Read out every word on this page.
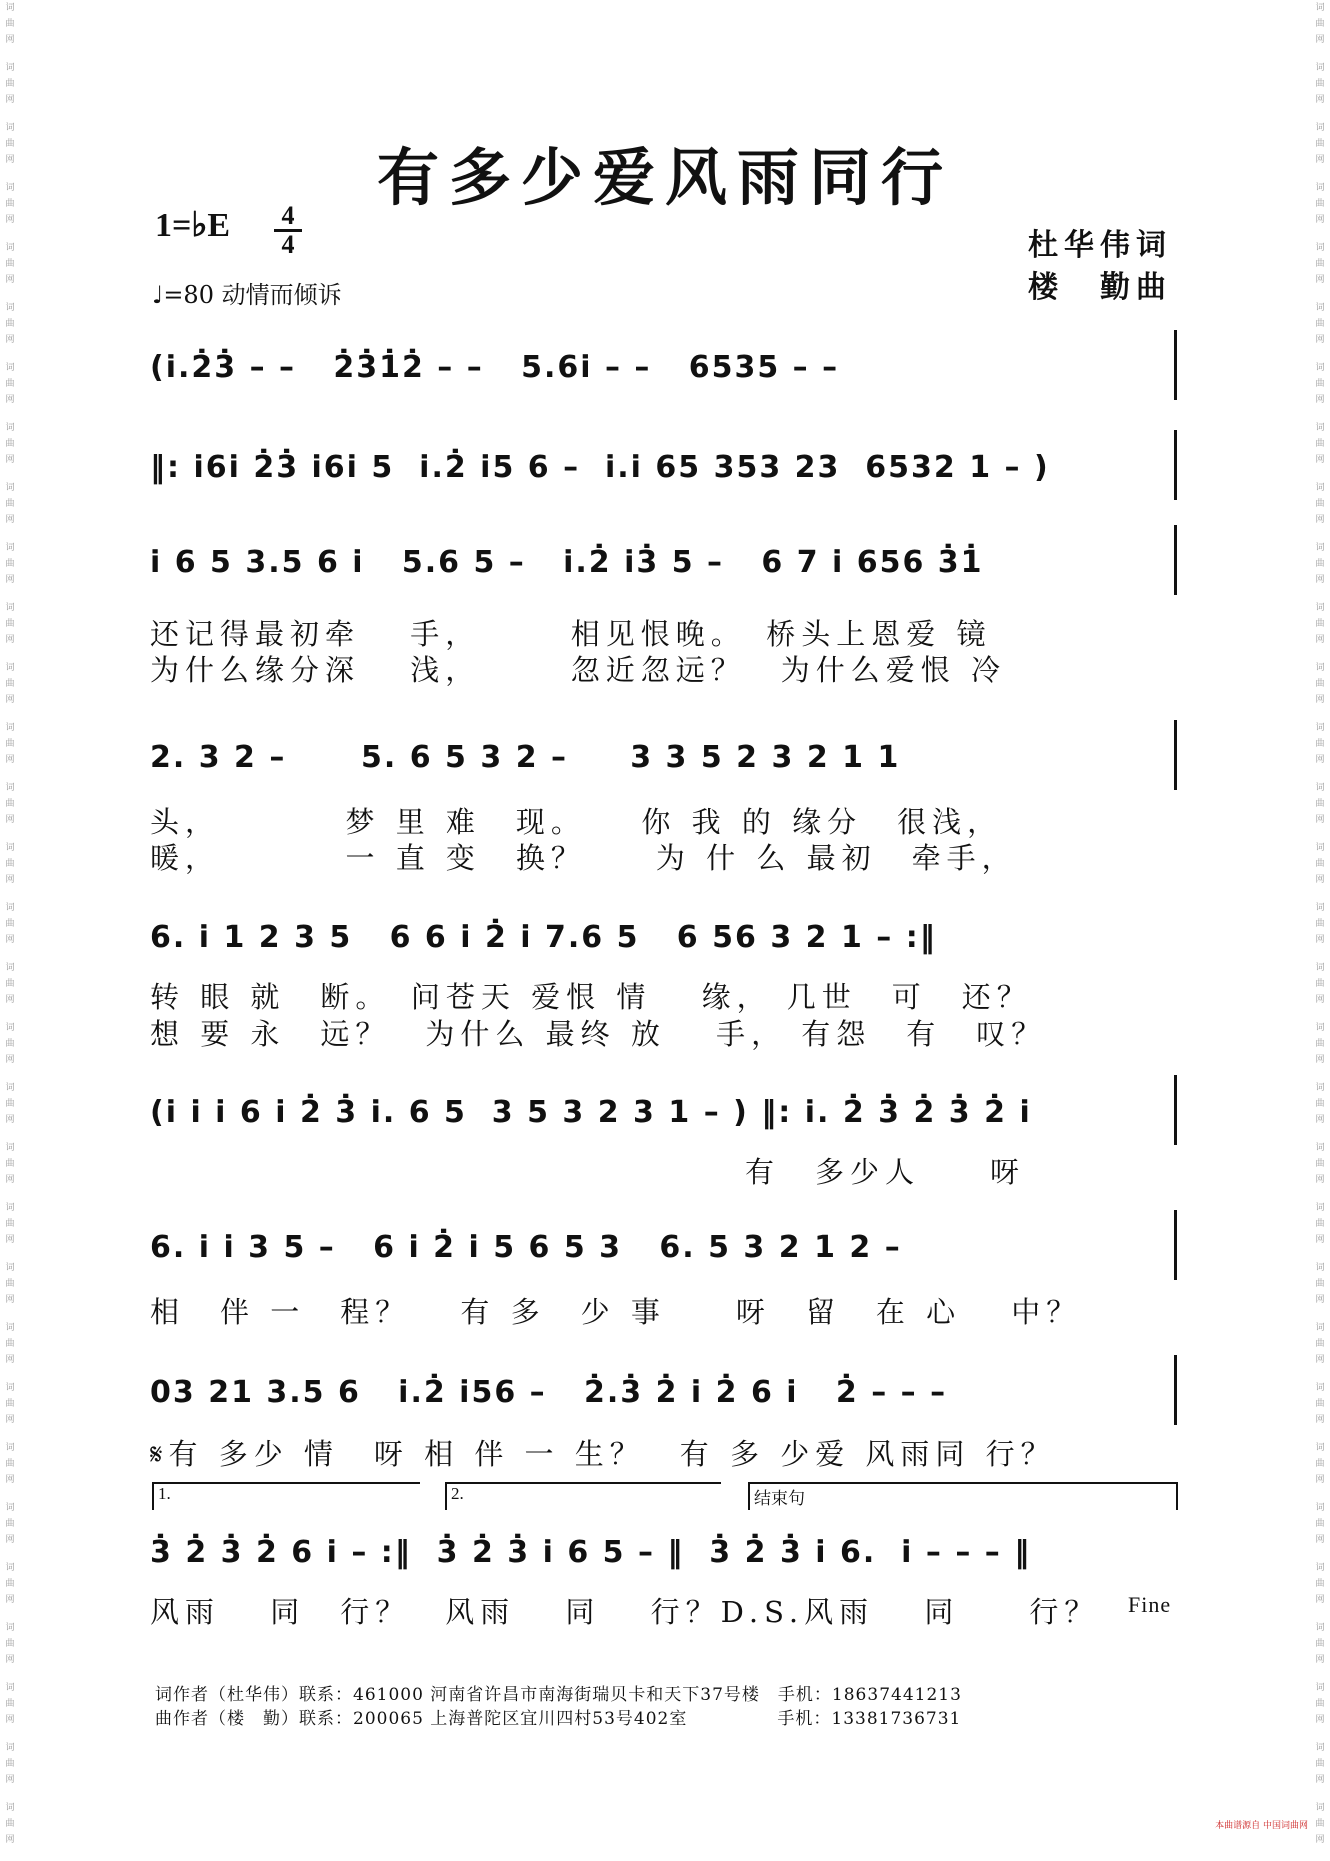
词曲网
词曲网
词曲网
词曲网
词曲网
词曲网
词曲网
词曲网
词曲网
词曲网
词曲网
词曲网
词曲网
词曲网
词曲网
词曲网
词曲网
词曲网
词曲网
词曲网
词曲网
词曲网
词曲网
词曲网
词曲网
词曲网
词曲网
词曲网
词曲网
词曲网
词曲网
词曲网
词曲网
词曲网
词曲网
词曲网
词曲网
词曲网
词曲网
词曲网
词曲网
词曲网
词曲网
词曲网
词曲网
词曲网
词曲网
词曲网
词曲网
词曲网
词曲网
词曲网
词曲网
词曲网
词曲网
词曲网
词曲网
词曲网
词曲网
词曲网
词曲网
词曲网
有多少爱风雨同行
1=♭E $\frac{4}{4}$
♩=80 动情而倾诉
杜华伟词
楼　勤曲
(i̇.2̇3̇ – –   2̇3̇1̇2̇ – –   5.6i̇ – –   6535 – –
‖: i̇6i̇ 2̇3̇ i̇6i̇ 5  i̇.2̇ i̇5 6 –  i̇.i̇ 65 353 23  6532 1 – )
i̇ 6 5 3.5 6 i̇   5.6 5 –   i̇.2̇ i̇3̇ 5 –   6 7 i̇ 656 3̇1̇
还记得最初牵　 手，　　　相见恨晚。　桥头上恩爱 镜
为什么缘分深　 浅，　　　忽近忽远？　为什么爱恨 冷
2. 3 2 –      5. 6 5 3 2 –     3 3 5 2 3 2 1 1
头，　　　　梦 里 难　现。　　你 我 的 缘分　很浅，
暖，　　　　一 直 变　换？　　为 什 么 最初　牵手，
6. i̇ 1 2 3 5   6 6 i̇ 2̇ i̇ 7.6 5   6 56 3 2 1 – :‖
转 眼 就　断。　问苍天 爱恨 情　 缘， 几世　可　还？
想 要 永　远？　为什么 最终 放　 手， 有怨　有　叹？
(i̇ i̇ i̇ 6 i̇ 2̇ 3̇ i̇. 6 5  3 5 3 2 3 1 – ) ‖: i̇. 2̇ 3̇ 2̇ 3̇ 2̇ i̇
　　　　　　　　　　　　　　　　　有　多少人　　呀
6. i̇ i̇ 3 5 –   6 i̇ 2̇ i̇ 5 6 5 3   6. 5 3 2 1 2 –
相　伴 一　程？　 有 多　少 事　　呀　留　在 心　 中？
03 21 3.5 6   i̇.2̇ i̇56 –   2̇.3̇ 2̇ i̇ 2̇ 6 i̇   2̇ – – –
𝄋有 多少 情　呀 相 伴 一 生？　有 多 少爱 风雨同 行？
1.	2.	结束句
3̇ 2̇ 3̇ 2̇ 6 i̇ – :‖  3̇ 2̇ 3̇ i̇ 6 5 – ‖  3̇ 2̇ 3̇ i̇ 6.  i̇ – – – ‖
风雨　 同　行？　风雨　 同　 行？D.S.风雨　 同　　行？ Fine
词作者（杜华伟）联系：461000 河南省许昌市南海街瑞贝卡和天下37号楼　手机：18637441213
曲作者（楼　勤）联系：200065 上海普陀区宜川四村53号402室　　　　　手机：13381736731
本曲谱源自 中国词曲网
